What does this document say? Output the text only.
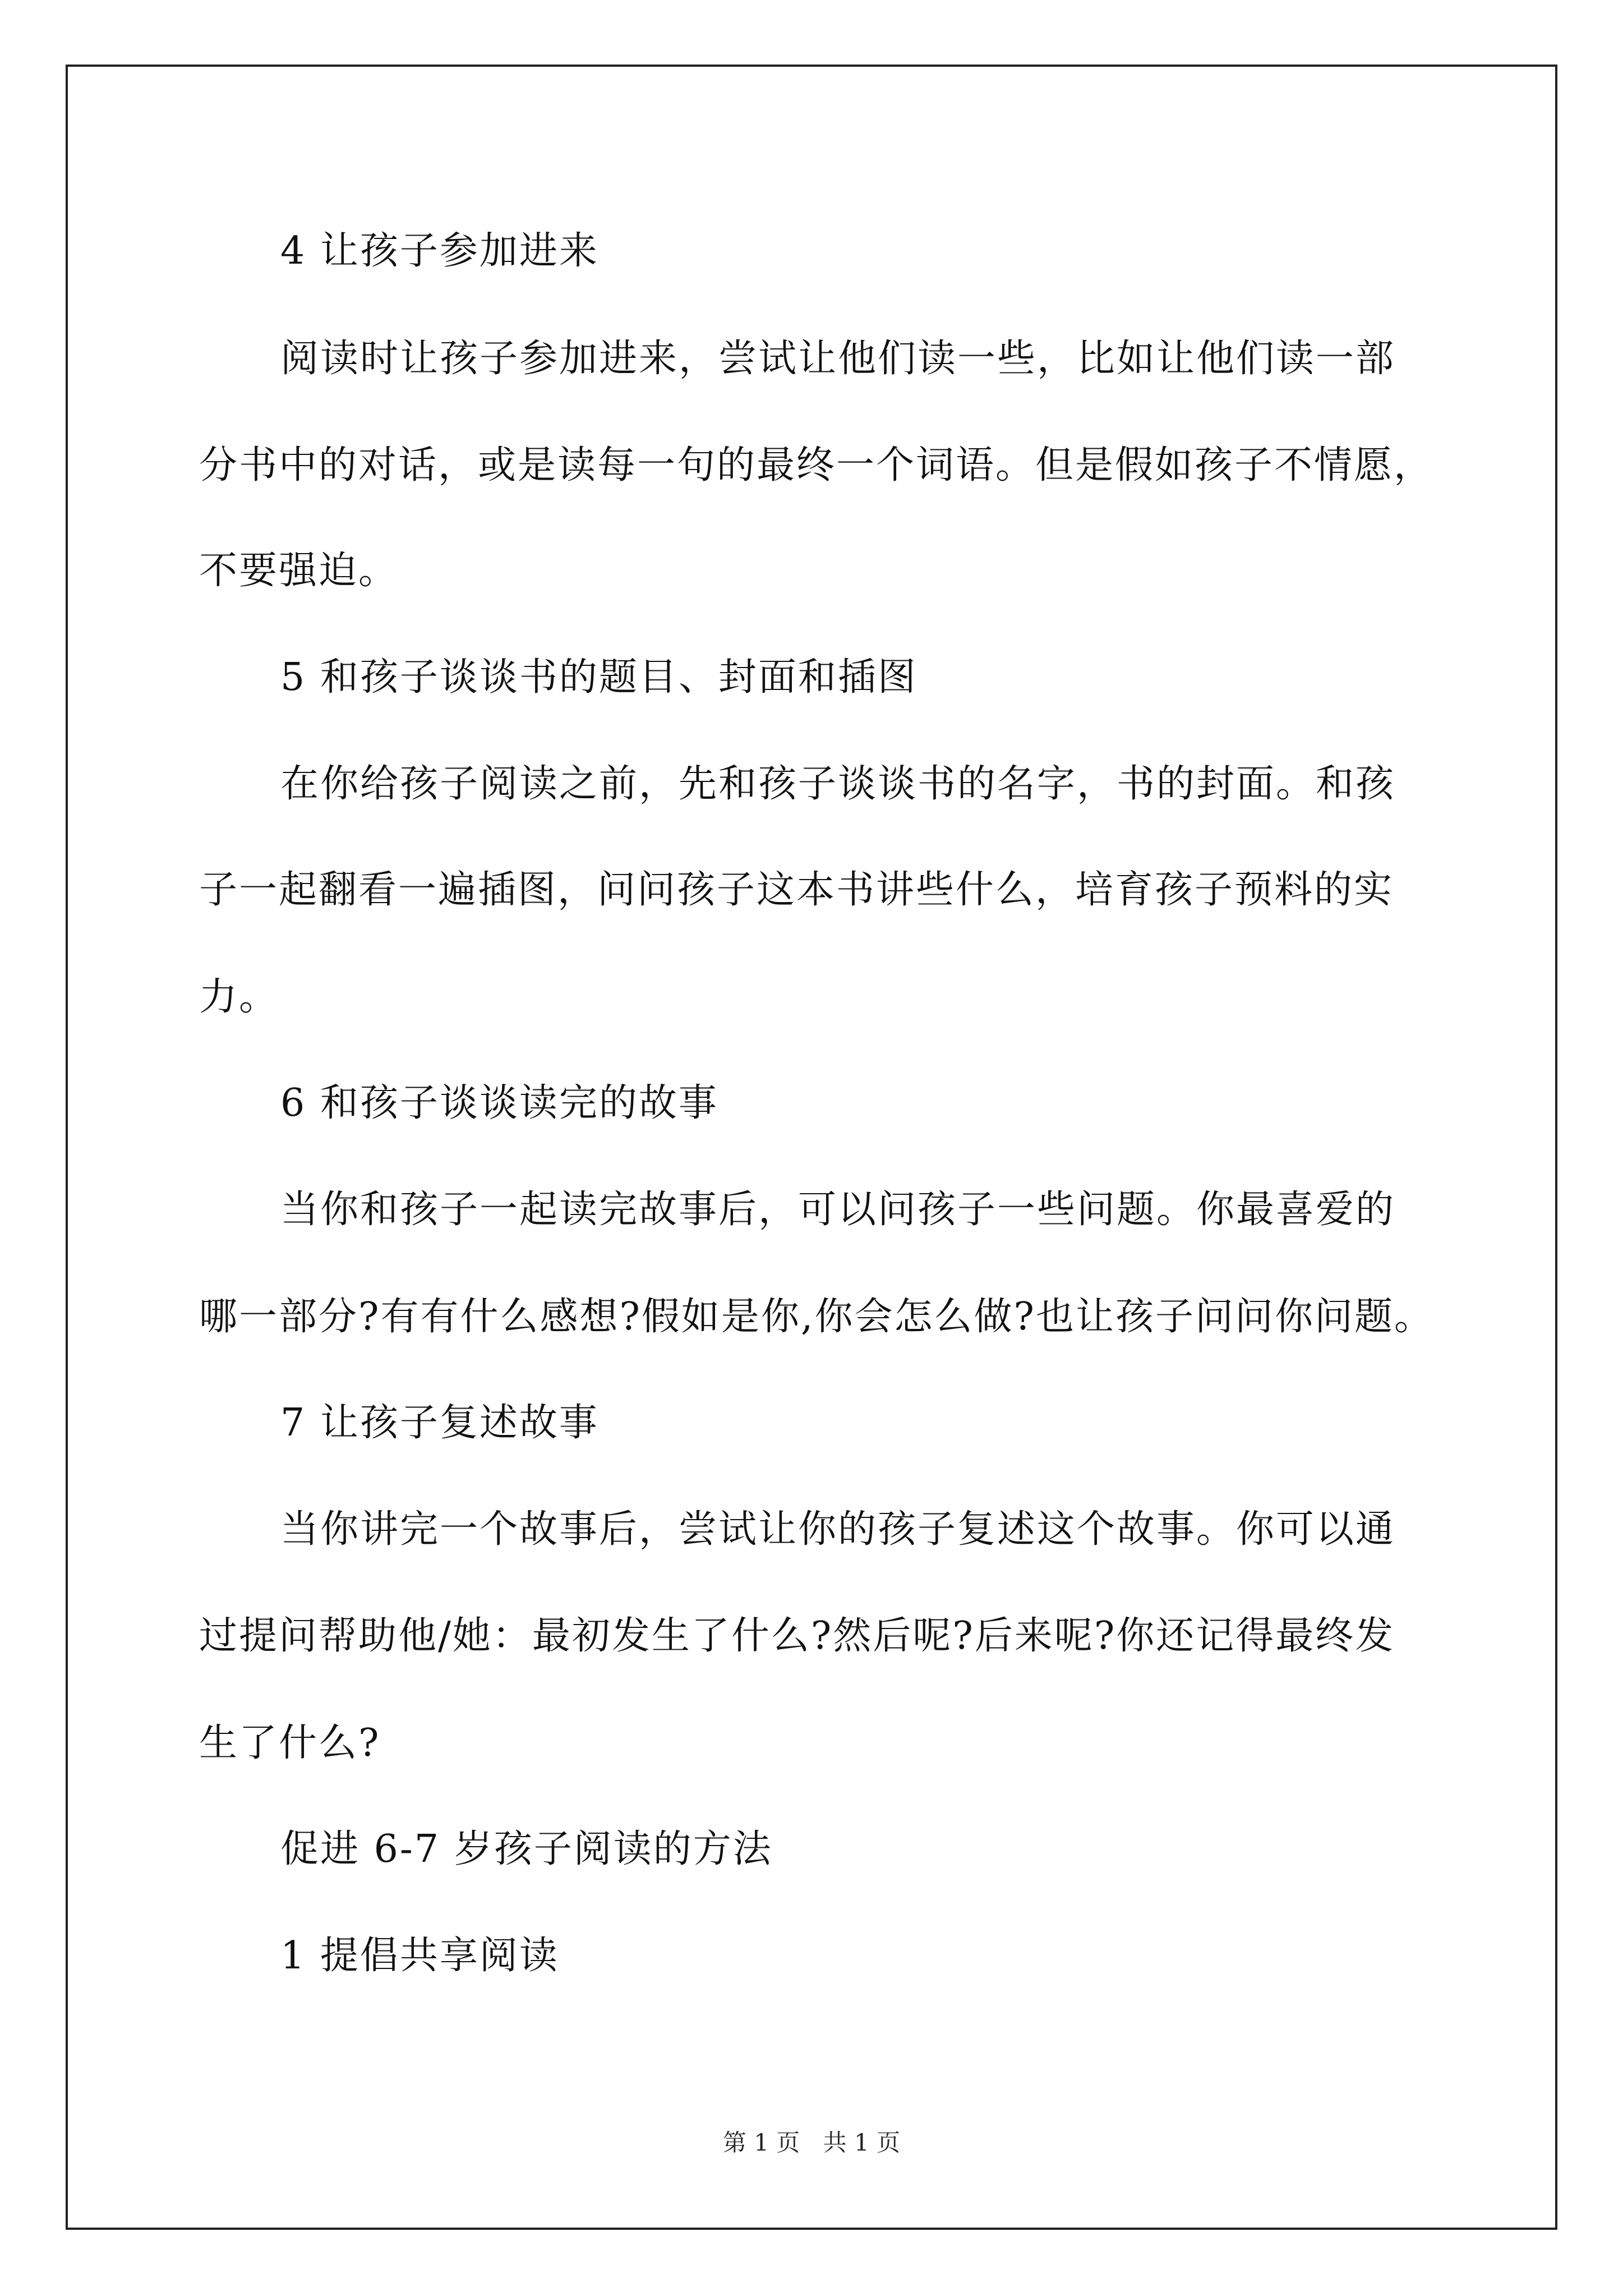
4 让孩子参加进来
阅读时让孩子参加进来，尝试让他们读一些，比如让他们读一部
分书中的对话，或是读每一句的最终一个词语。但是假如孩子不情愿，
不要强迫。
5 和孩子谈谈书的题目、封面和插图
在你给孩子阅读之前，先和孩子谈谈书的名字，书的封面。和孩
子一起翻看一遍插图，问问孩子这本书讲些什么，培育孩子预料的实
力。
6 和孩子谈谈读完的故事
当你和孩子一起读完故事后，可以问孩子一些问题。你最喜爱的
哪一部分?有有什么感想?假如是你,你会怎么做?也让孩子问问你问题。
7 让孩子复述故事
当你讲完一个故事后，尝试让你的孩子复述这个故事。你可以通
过提问帮助他/她：最初发生了什么?然后呢?后来呢?你还记得最终发
生了什么?
促进 6-7 岁孩子阅读的方法
1 提倡共享阅读
第 1 页 共 1 页
